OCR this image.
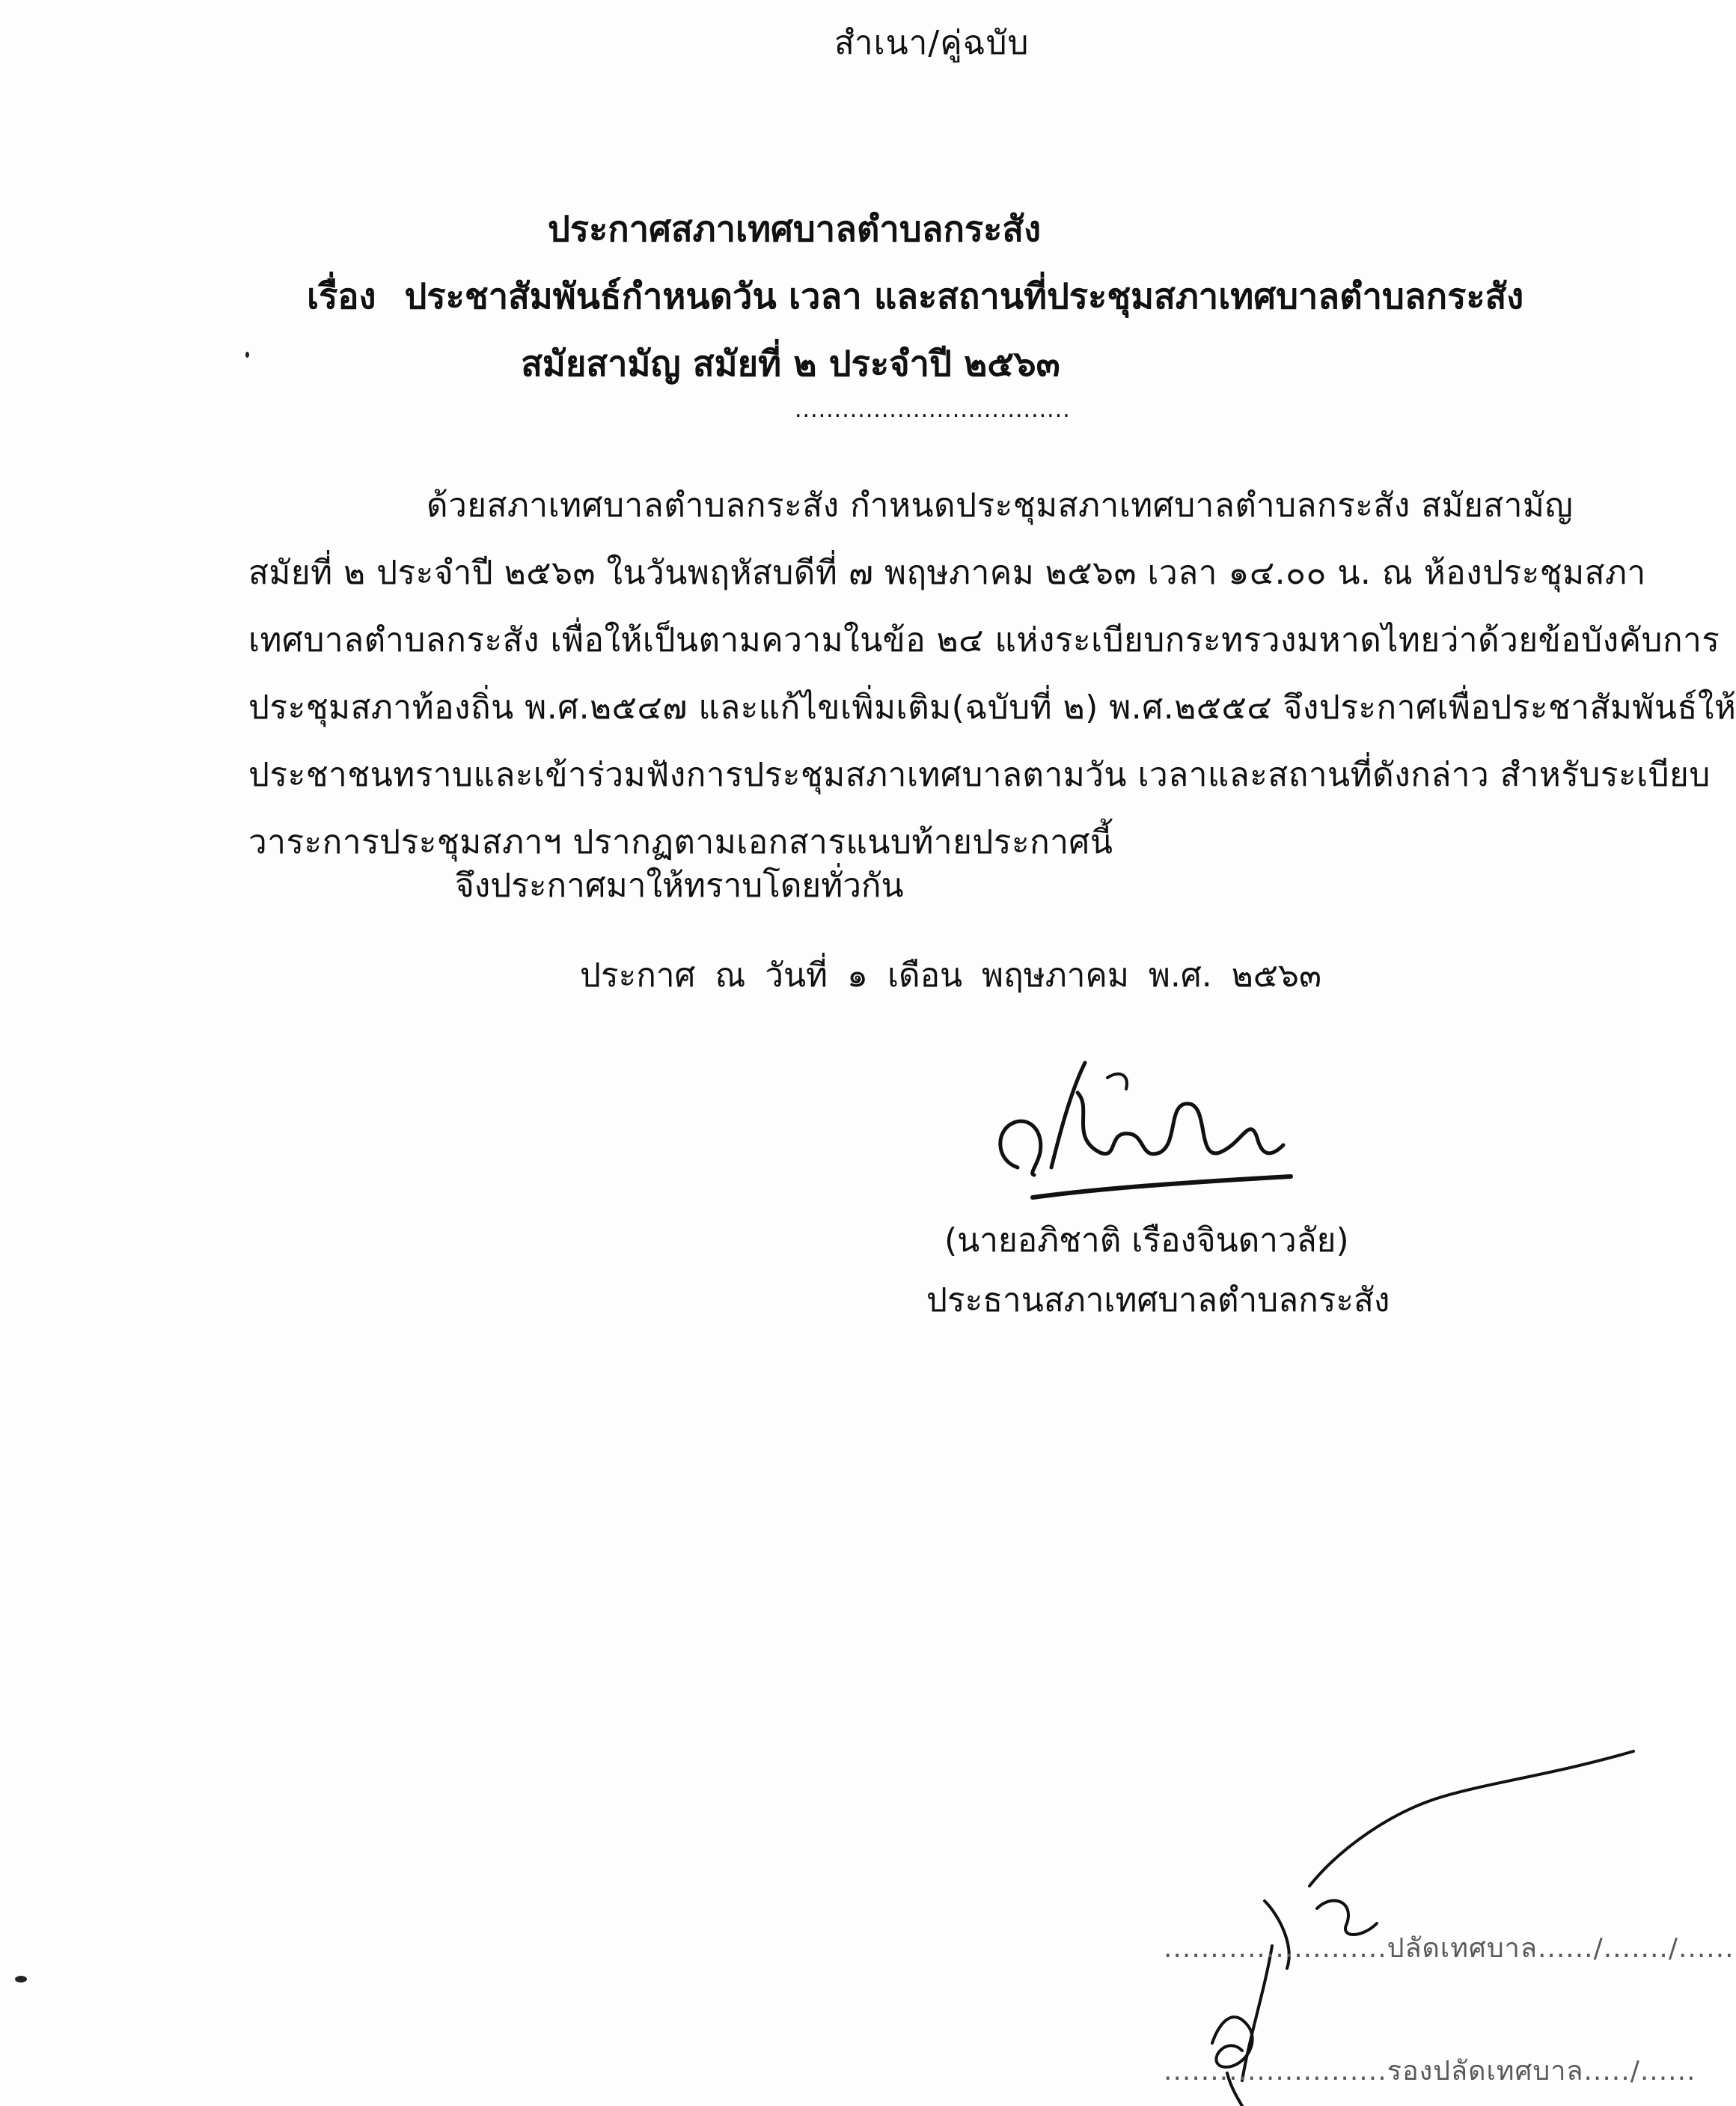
สำเนา/คู่ฉบับ
ประกาศสภาเทศบาลตำบลกระสัง
เรื่อง ประชาสัมพันธ์กำหนดวัน เวลา และสถานที่ประชุมสภาเทศบาลตำบลกระสัง
สมัยสามัญ สมัยที่ ๒ ประจำปี ๒๕๖๓
...................................
ด้วยสภาเทศบาลตำบลกระสัง กำหนดประชุมสภาเทศบาลตำบลกระสัง สมัยสามัญ
สมัยที่ ๒ ประจำปี ๒๕๖๓ ในวันพฤหัสบดีที่ ๗ พฤษภาคม ๒๕๖๓ เวลา ๑๔.๐๐ น. ณ ห้องประชุมสภา
เทศบาลตำบลกระสัง เพื่อให้เป็นตามความในข้อ ๒๔ แห่งระเบียบกระทรวงมหาดไทยว่าด้วยข้อบังคับการ
ประชุมสภาท้องถิ่น พ.ศ.๒๕๔๗ และแก้ไขเพิ่มเติม(ฉบับที่ ๒) พ.ศ.๒๕๕๔ จึงประกาศเพื่อประชาสัมพันธ์ให้
ประชาชนทราบและเข้าร่วมฟังการประชุมสภาเทศบาลตามวัน เวลาและสถานที่ดังกล่าว สำหรับระเบียบ
วาระการประชุมสภาฯ ปรากฏตามเอกสารแนบท้ายประกาศนี้
จึงประกาศมาให้ทราบโดยทั่วกัน
ประกาศ ณ วันที่ ๑ เดือน พฤษภาคม พ.ศ. ๒๕๖๓
(นายอภิชาติ เรืองจินดาวลัย)
ประธานสภาเทศบาลตำบลกระสัง
........................ปลัดเทศบาล....../......./......
........................รองปลัดเทศบาล...../......
